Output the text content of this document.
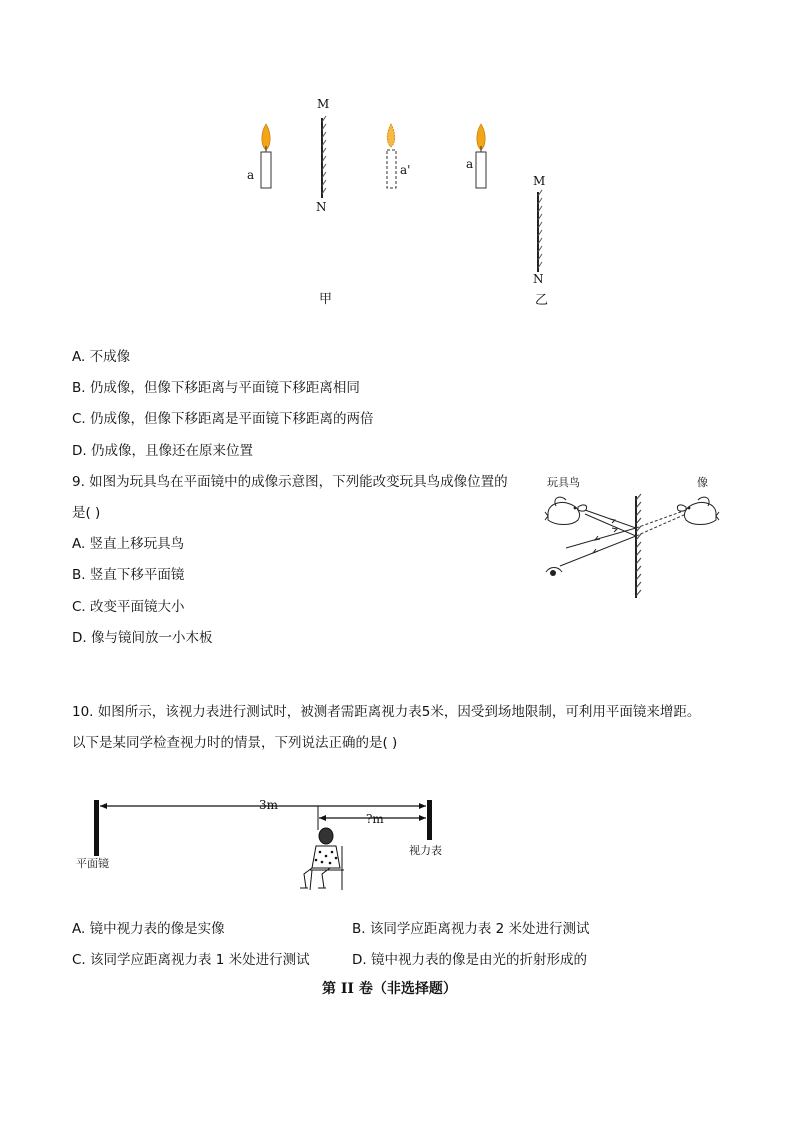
M
N
a	a'
甲
a
M
N
乙
A. 不成像
B. 仍成像，但像下移距离与平面镜下移距离相同
C. 仍成像，但像下移距离是平面镜下移距离的两倍
D. 仍成像，且像还在原来位置
9. 如图为玩具鸟在平面镜中的成像示意图，下列能改变玩具鸟成像位置的
是( )
A. 竖直上移玩具鸟
B. 竖直下移平面镜
C. 改变平面镜大小
D. 像与镜间放一小木板
玩具鸟	像
10. 如图所示，该视力表进行测试时，被测者需距离视力表5米，因受到场地限制，可利用平面镜来增距。
以下是某同学检查视力时的情景，下列说法正确的是( )
3m
?m
平面镜
视力表
A. 镜中视力表的像是实像	B. 该同学应距离视力表 2 米处进行测试
C. 该同学应距离视力表 1 米处进行测试	D. 镜中视力表的像是由光的折射形成的
第 II 卷（非选择题）
